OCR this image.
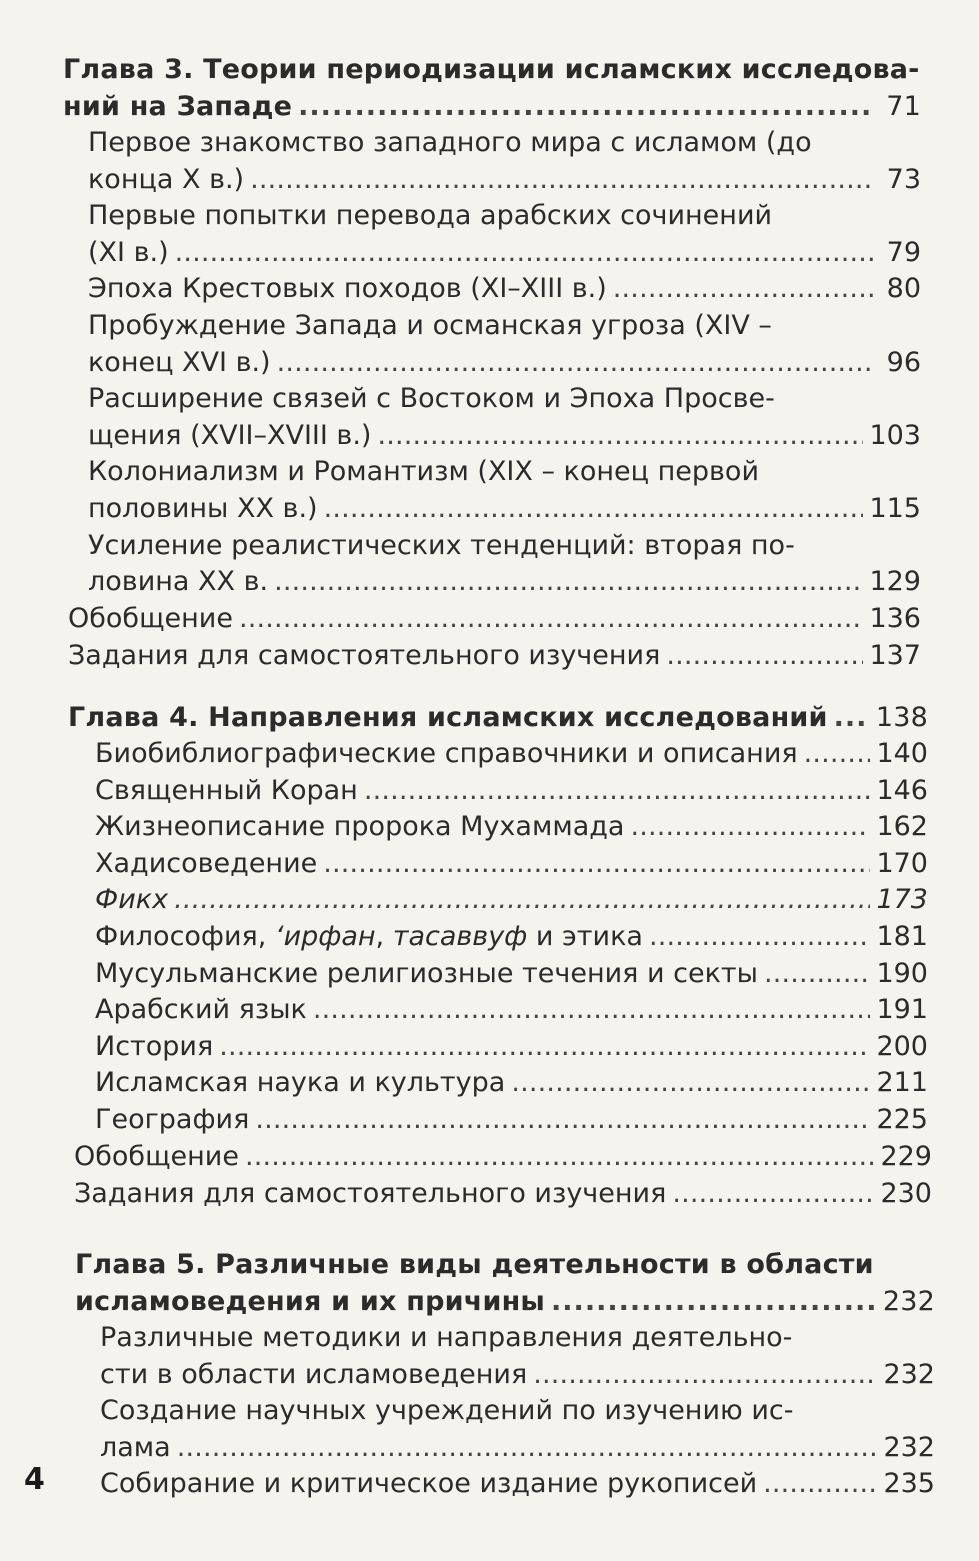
Глава 3. Теории периодизации исламских исследова-
ний на Западе . . .	71
Первое знакомство западного мира с исламом (до
конца X в.) . . .	73
Первые попытки перевода арабских сочинений
(XI в.) . . .	79
Эпоха Крестовых походов (XI–XIII в.) . . .	80
Пробуждение Запада и османская угроза (XIV –
конец XVI в.) . . .	96
Расширение связей с Востоком и Эпоха Просве-
щения (XVII–XVIII в.) . . .	103
Колониализм и Романтизм (XIX – конец первой
половины XX в.) . . .	115
Усиление реалистических тенденций: вторая по-
ловина XX в. . . .	129
Обобщение . . .	136
Задания для самостоятельного изучения . . .	137
Глава 4. Направления исламских исследований . . . 138
Биобиблиографические справочники и описания . . .	140
Священный Коран . . .	146
Жизнеописание пророка Мухаммада . . .	162
Хадисоведение . . .	170
Фикх . . .	173
Философия, ʻирфан, тасаввуф и этика . . .	181
Мусульманские религиозные течения и секты . . .	190
Арабский язык . . .	191
История . . .	200
Исламская наука и культура . . .	211
География . . .	225
Обобщение . . .	229
Задания для самостоятельного изучения . . .	230
Глава 5. Различные виды деятельности в области
исламоведения и их причины . . .	232
Различные методики и направления деятельно-
сти в области исламоведения . . .	232
Создание научных учреждений по изучению ис-
лама . . .	232
Собирание и критическое издание рукописей . . .	235
4
